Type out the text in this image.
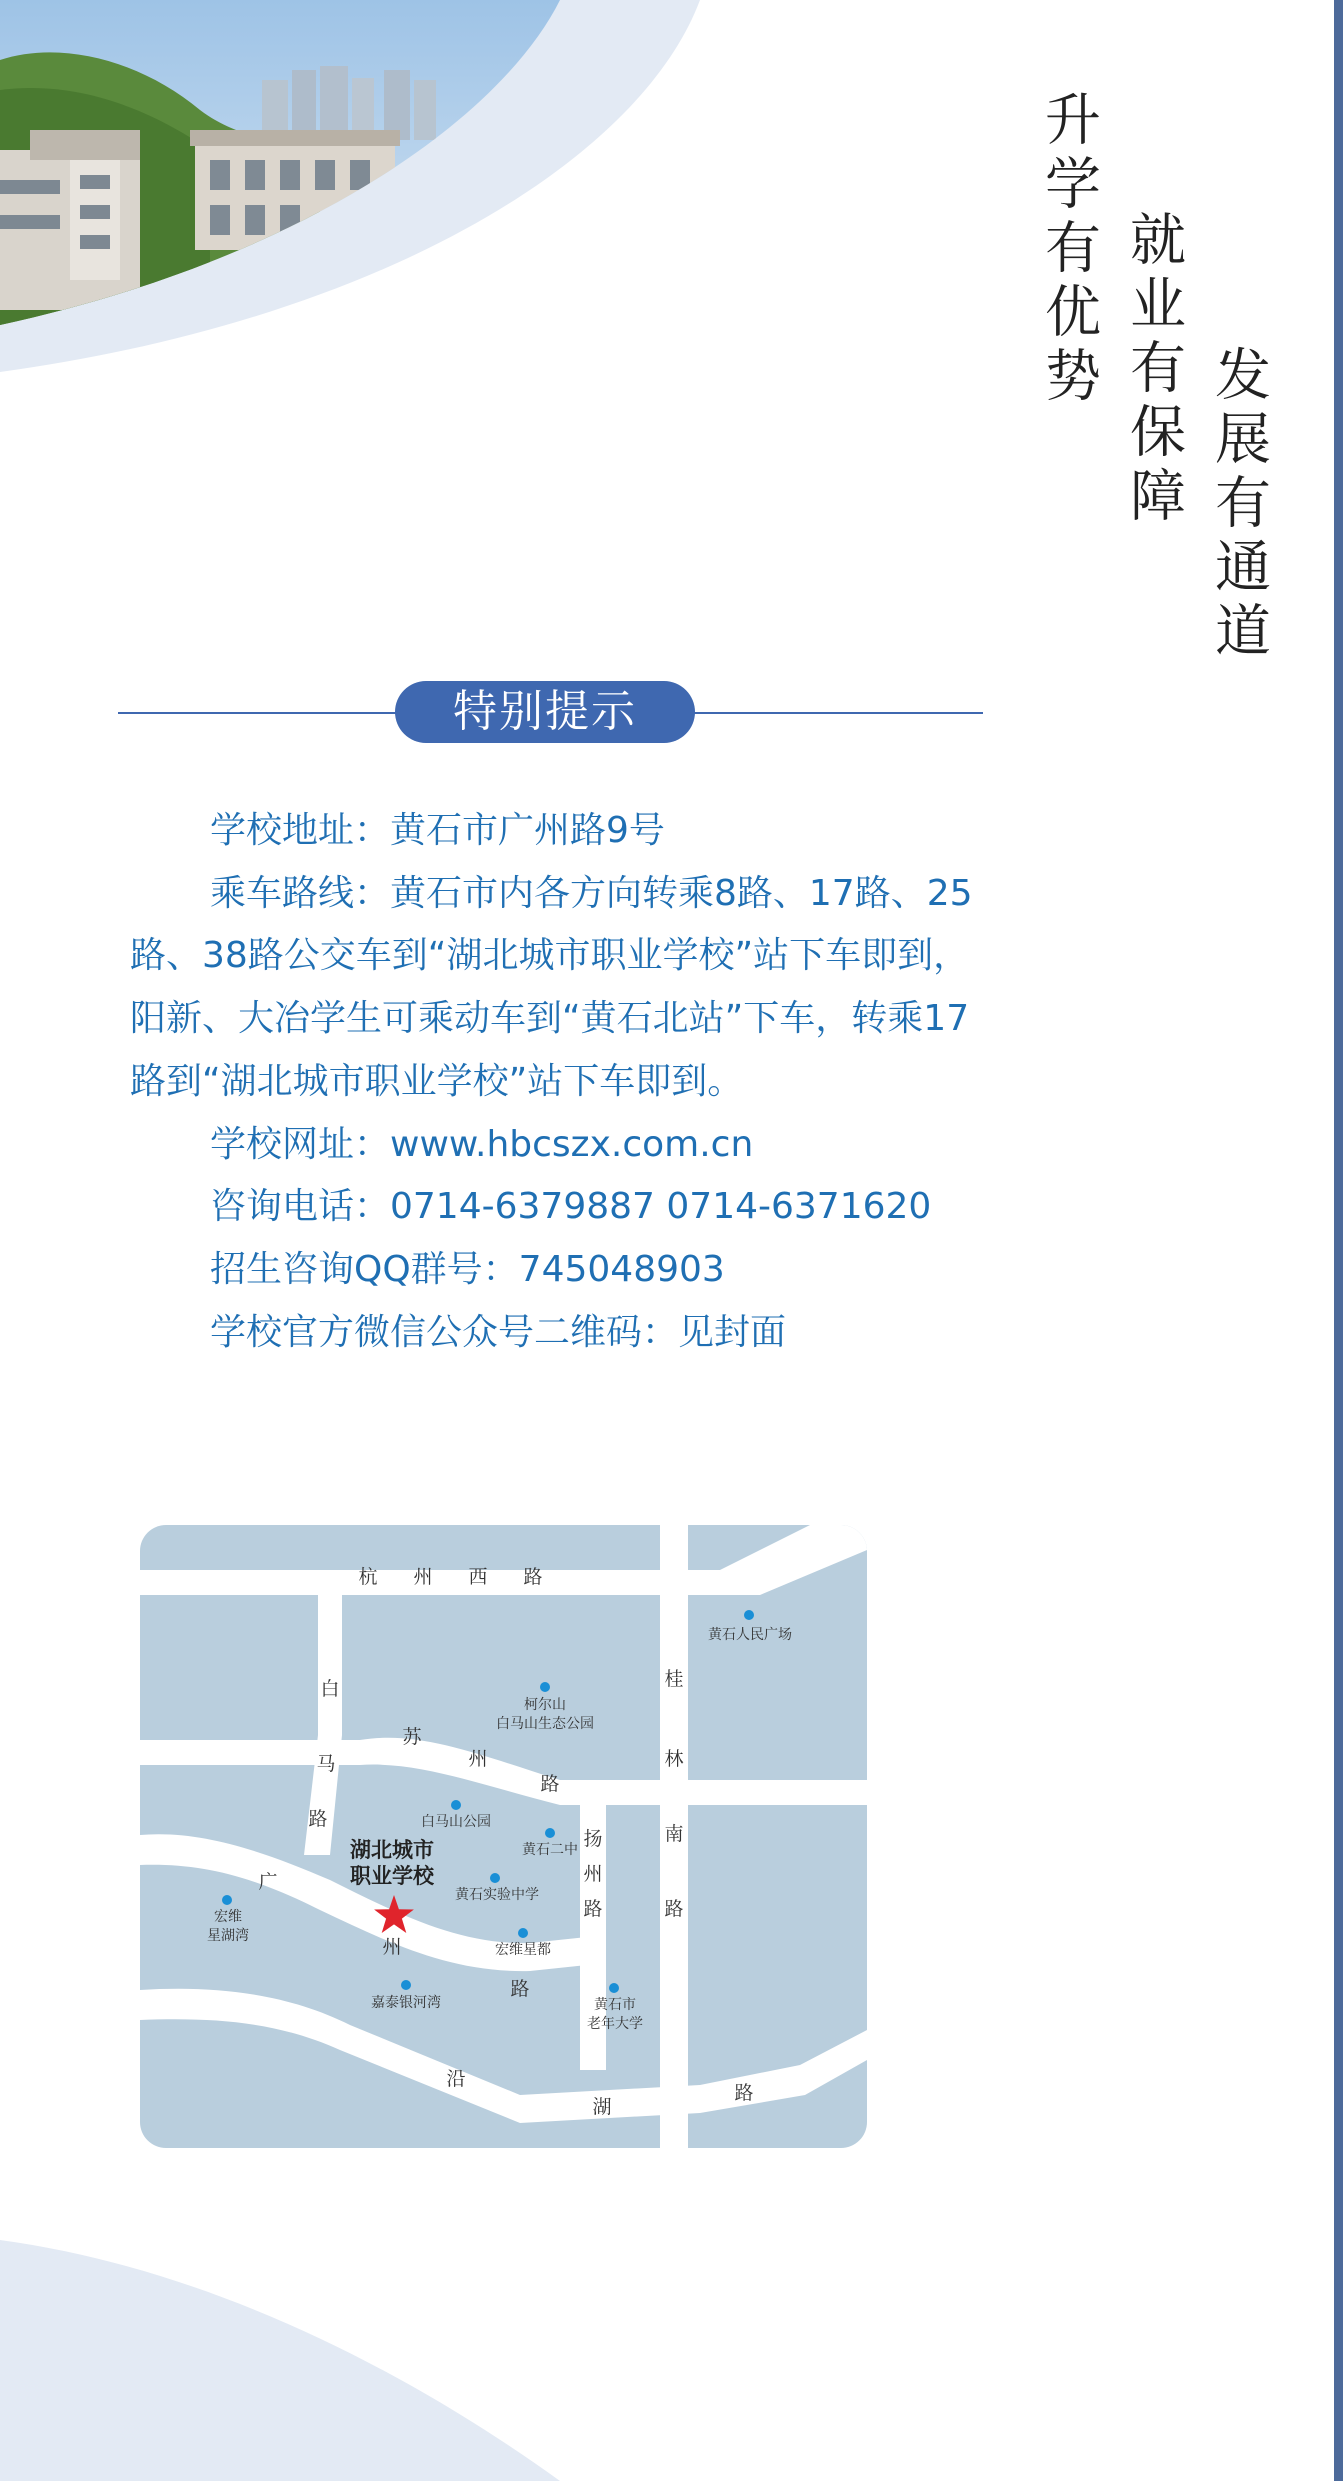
升学有优势 就业有保障 发展有通道
特别提示

学校地址：黄石市广州路9号

乘车路线：黄石市内各方向转乘8路、17路、25路、38路公交车到“湖北城市职业学校”站下车即到，阳新、大冶学生可乘动车到“黄石北站”下车，转乘17路到“湖北城市职业学校”站下车即到。

学校网址：www.hbcszx.com.cn

咨询电话：0714-6379887 0714-6371620

招生咨询QQ群号：745048903

学校官方微信公众号二维码：见封面

杭 州 西 路
白
马
路
苏
州
路
桂
林
南
路
扬
州
路
广
州
路
沿
湖
路
黄石人民广场
柯尔山
白马山生态公园
白马山公园
黄石二中
黄石实验中学
宏维星都
宏维
星湖湾
嘉泰银河湾	黄石市
老年大学
湖北城市
职业学校
